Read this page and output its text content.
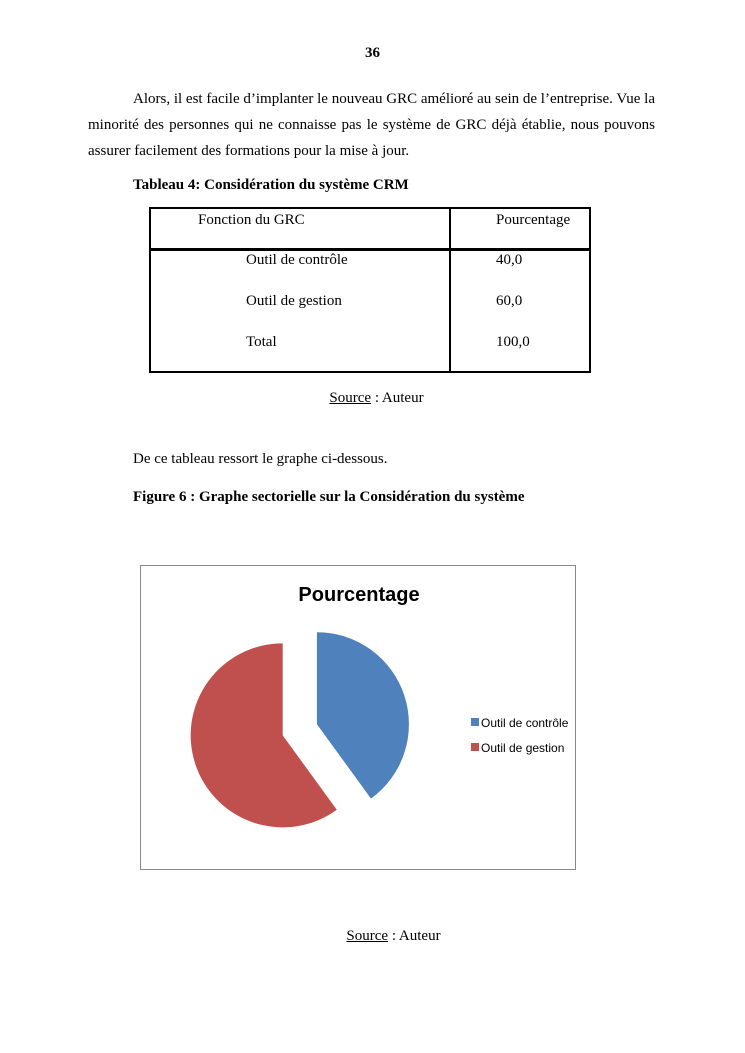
36
Alors, il est facile d’implanter le nouveau GRC amélioré au sein de l’entreprise. Vue la minorité des personnes qui ne connaisse pas le système de GRC déjà établie, nous pouvons assurer facilement des formations pour la mise à jour.
Tableau 4: Considération du système CRM
Fonction du GRC	Pourcentage
Outil de contrôle	40,0
Outil de gestion	60,0
Total	100,0
Source : Auteur
De ce tableau ressort le graphe ci-dessous.
Figure 6 : Graphe sectorielle sur la Considération du système
Pourcentage
Outil de contrôle
Outil de gestion
Source : Auteur
